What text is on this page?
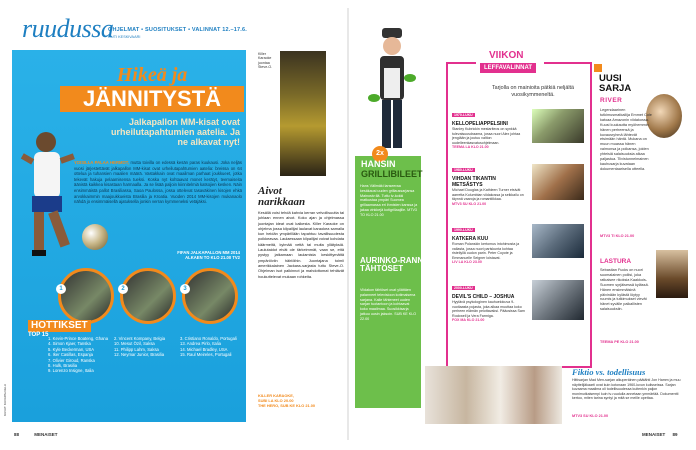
ruudussa
OHJELMAT • SUOSITUKSET • VALINNAT 12.–17.6.
OUTI KESKIVAARI
Hikeä ja
JÄNNITYSTÄ
Jalkapallon MM-kisat ovat urheilutapahtumien aatelia. Ja ne alkavat nyt!
YOISILLA PALAA HERMOT, mutta toivilla on edessä kesän paras kuukausi. Joka neljäs vuosi järjestettävät jalkapallon MM-kisat ovat urheilutapahtumien aatelia: breissa on 64 ottelua ja tuhansien maalien määrä. Vastakkain ovat maailman parhaat joukkueet, jotka tekevät hakuja pelaamisensa tueksi. Koska nyt kohtaavat monet kerätyt, teemaiseita äänistä kaikkea kisastaan harmaalla. Ja se lisää paljoin kiinnitelmiä katsojien kesken. Näin ensimmäistä pallot Brasiliassa, Saoa Paulossa, jossa ottelevat tasaväkinen kisojen ehkä arvokkaimmin maajoukkueista Brasilia ja Kroatia. Vuoden 2014 MM-kisojen mukanaolo nähdä jo ensimmäisellä ajatuksella jonkin verran kymmeneksi vetäjäksi.
FIFAN JALKAPALLON MM 2014
ALKAEN TO KLO 21.00 TV2
1	2	3
HOTTIKSET
TOP 15
1. Kevin-Prince Boateng, Ghana
4. Simon Kjaer, Tanska
5. Kyle Beckerman, USA
6. Iker Casillas, Espanja
7. Olivier Giroud, Ranska
8. Hulk, Brasilia
9. Lorenzo Insigne, Italia
2. Vincent Kompany, Belgia
10. Mesut Özil, Saksa
11. Philipp Lahm, Saksa
12. Neymar Junior, Brasilia
3. Cristiano Ronaldo, Portugali
13. Andrea Pirlo, Italia
14. Michael Bradley, USA
15. Raul Meireles, Portugali
Killer Karaoke juontaa Steve-O.
Aivot
narikkaan
Kesällä voisi tehdä kahvia kerran velvollisuutta tai juhlaan ennen aivot. Koko ajan ja ohjelmassa juontajan ideat ovat kaikesta. Killer Karaoke on ohjelma jossa kilpailijat laulavat karaokea samalla kun heidän ympärillään tapahtuu tavallisuudesta poikkeavaa. Laulaessaan kilpailijat voivat kohdata käärmeitä, kylmää vettä tai muita yllätyksiä. Laulutaidot eivät ole tärkeimmät, vaan se, että pystyy jatkamaan laulamista keskittymättä ympäröiviin häiriöihin. Juontajana toimii amerikkalainen Jackass-sarjasta tuttu Steve-O. Ohjelman isot palkinnot ja mahdottomat tehtävät houkuttelevat mukaan rohkeita.
KILLER KARAOKE,
SUBI LA KLO 20.00
THE HERO, SUB KE KLO 21.00
2x
HANSIN
GRILLIBILEET
Hans Välimäki lanseeraa kesäkausi uuden grillaussarjansa Mainostv:llä. Tuttu tv-kokki matkustaa ympäri Suomea grillaamassa eri ihmisten kanssa ja jakaa vinkkejä kotigrillaajille. MTV3 TO KLO 21.00
AURINKO-RANNAN
TÄHTÖSET
Viidakon tähtöset ovat yllättäen palanneet televisioon kotimaisena sarjana. Kalle tähteneet uuden sarjan tuotantoon ja kohtaavat koko maailmaa. Suosikkisarja jatkuu uusin jaksoin. SUB KE KLO 22.00
VIIKON
LEFFAVALINNAT
Tarjolla on mainioita pätkiä neljältä vuosikymmeneltä.
1970-LUKU
KELLOPELIAPPELSIINI
Stanley Kubrickin mestariteos on synkkä tulevaisuusdraama, jossa nuori Alex johtaa jengiään ja joutuu valtion uudelleenkasvatusohjelmaan.
TEEMA LA KLO 21.00
1980-LUKU
VIHDAN TIKANTIN METSÄSTYS
Michael Douglas ja Kathleen Turner etsivät aarretta Kolumbian viidakossa ja seikkailu on täynnä vaaroja ja romantiikkaa.
MTV3 SU KLO 21.00
1990-LUKU
KATKERA KUU
Roman Polanskin kertomus intohimosta ja vallasta, jossa nuori pariskunta kohtaa risteilyllä oudon parin. Peter Coyote ja Emmanuelle Seigner loistavat.
LIV LA KLO 23.00
2000-LUKU
DEVIL'S CHILD – JOSHUA
Hyytävä psykologinen kauhuelokuva 9-vuotiaasta pojasta, joka alkaa muuttaa koko perheen elämän pelottavaksi. Pääosissa Sam Rockwell ja Vera Farmiga.
FOX MA KLO 21.00
UUSI
SARJA
RIVER
Legendaarinen tutkimusmatkailija Emmet Cole katoaa Amazonin viidakossa. Kuusi kuukautta myöhemmin hänen perheensä ja kuvausryhmä lähtevät etsimään häntä. Mukana on muun muassa hänen vaimonsa ja poikansa, joiden yhteisiä salaisuuksia alkaa paljastua. Tiivistunnelmainen kauhusarja kuvataan dokumentaarisella otteella.
MTV3 TI KLO 21.00
LASTURA
Sebastian Fucks on nuori suomalainen poliisi, joka ratkaisee rikoksia Kaakkois-Suomen syrjäisessä kylässä. Hänen ensimmäisinä päivinään kylästä löytyy ruumis ja tutkimukset vievät hänet syvälle paikallisten salaisuuksiin.
TEEMA PE KLO 21.00
Fiktio vs. todellisuus
Hittisarjan Mad Men-sarjan alkuperäinen päätähti Jon Hamm ja muu näyttelijäkaarti ovat kuin kotonaan 1960-luvun kulisseissa. Sarjan kuvaama maailma oli todellisuudessa kuitenkin paljon monimutkaisempi kuin tv-ruudulla annetaan ymmärtää. Dokumentti kertoo, miten tarina syntyi ja mitä se meille opettaa.
MTV3 SU KLO 21.00
88	MENAISET	MENAISET 89
KUVAT: KUVAPALVELU
